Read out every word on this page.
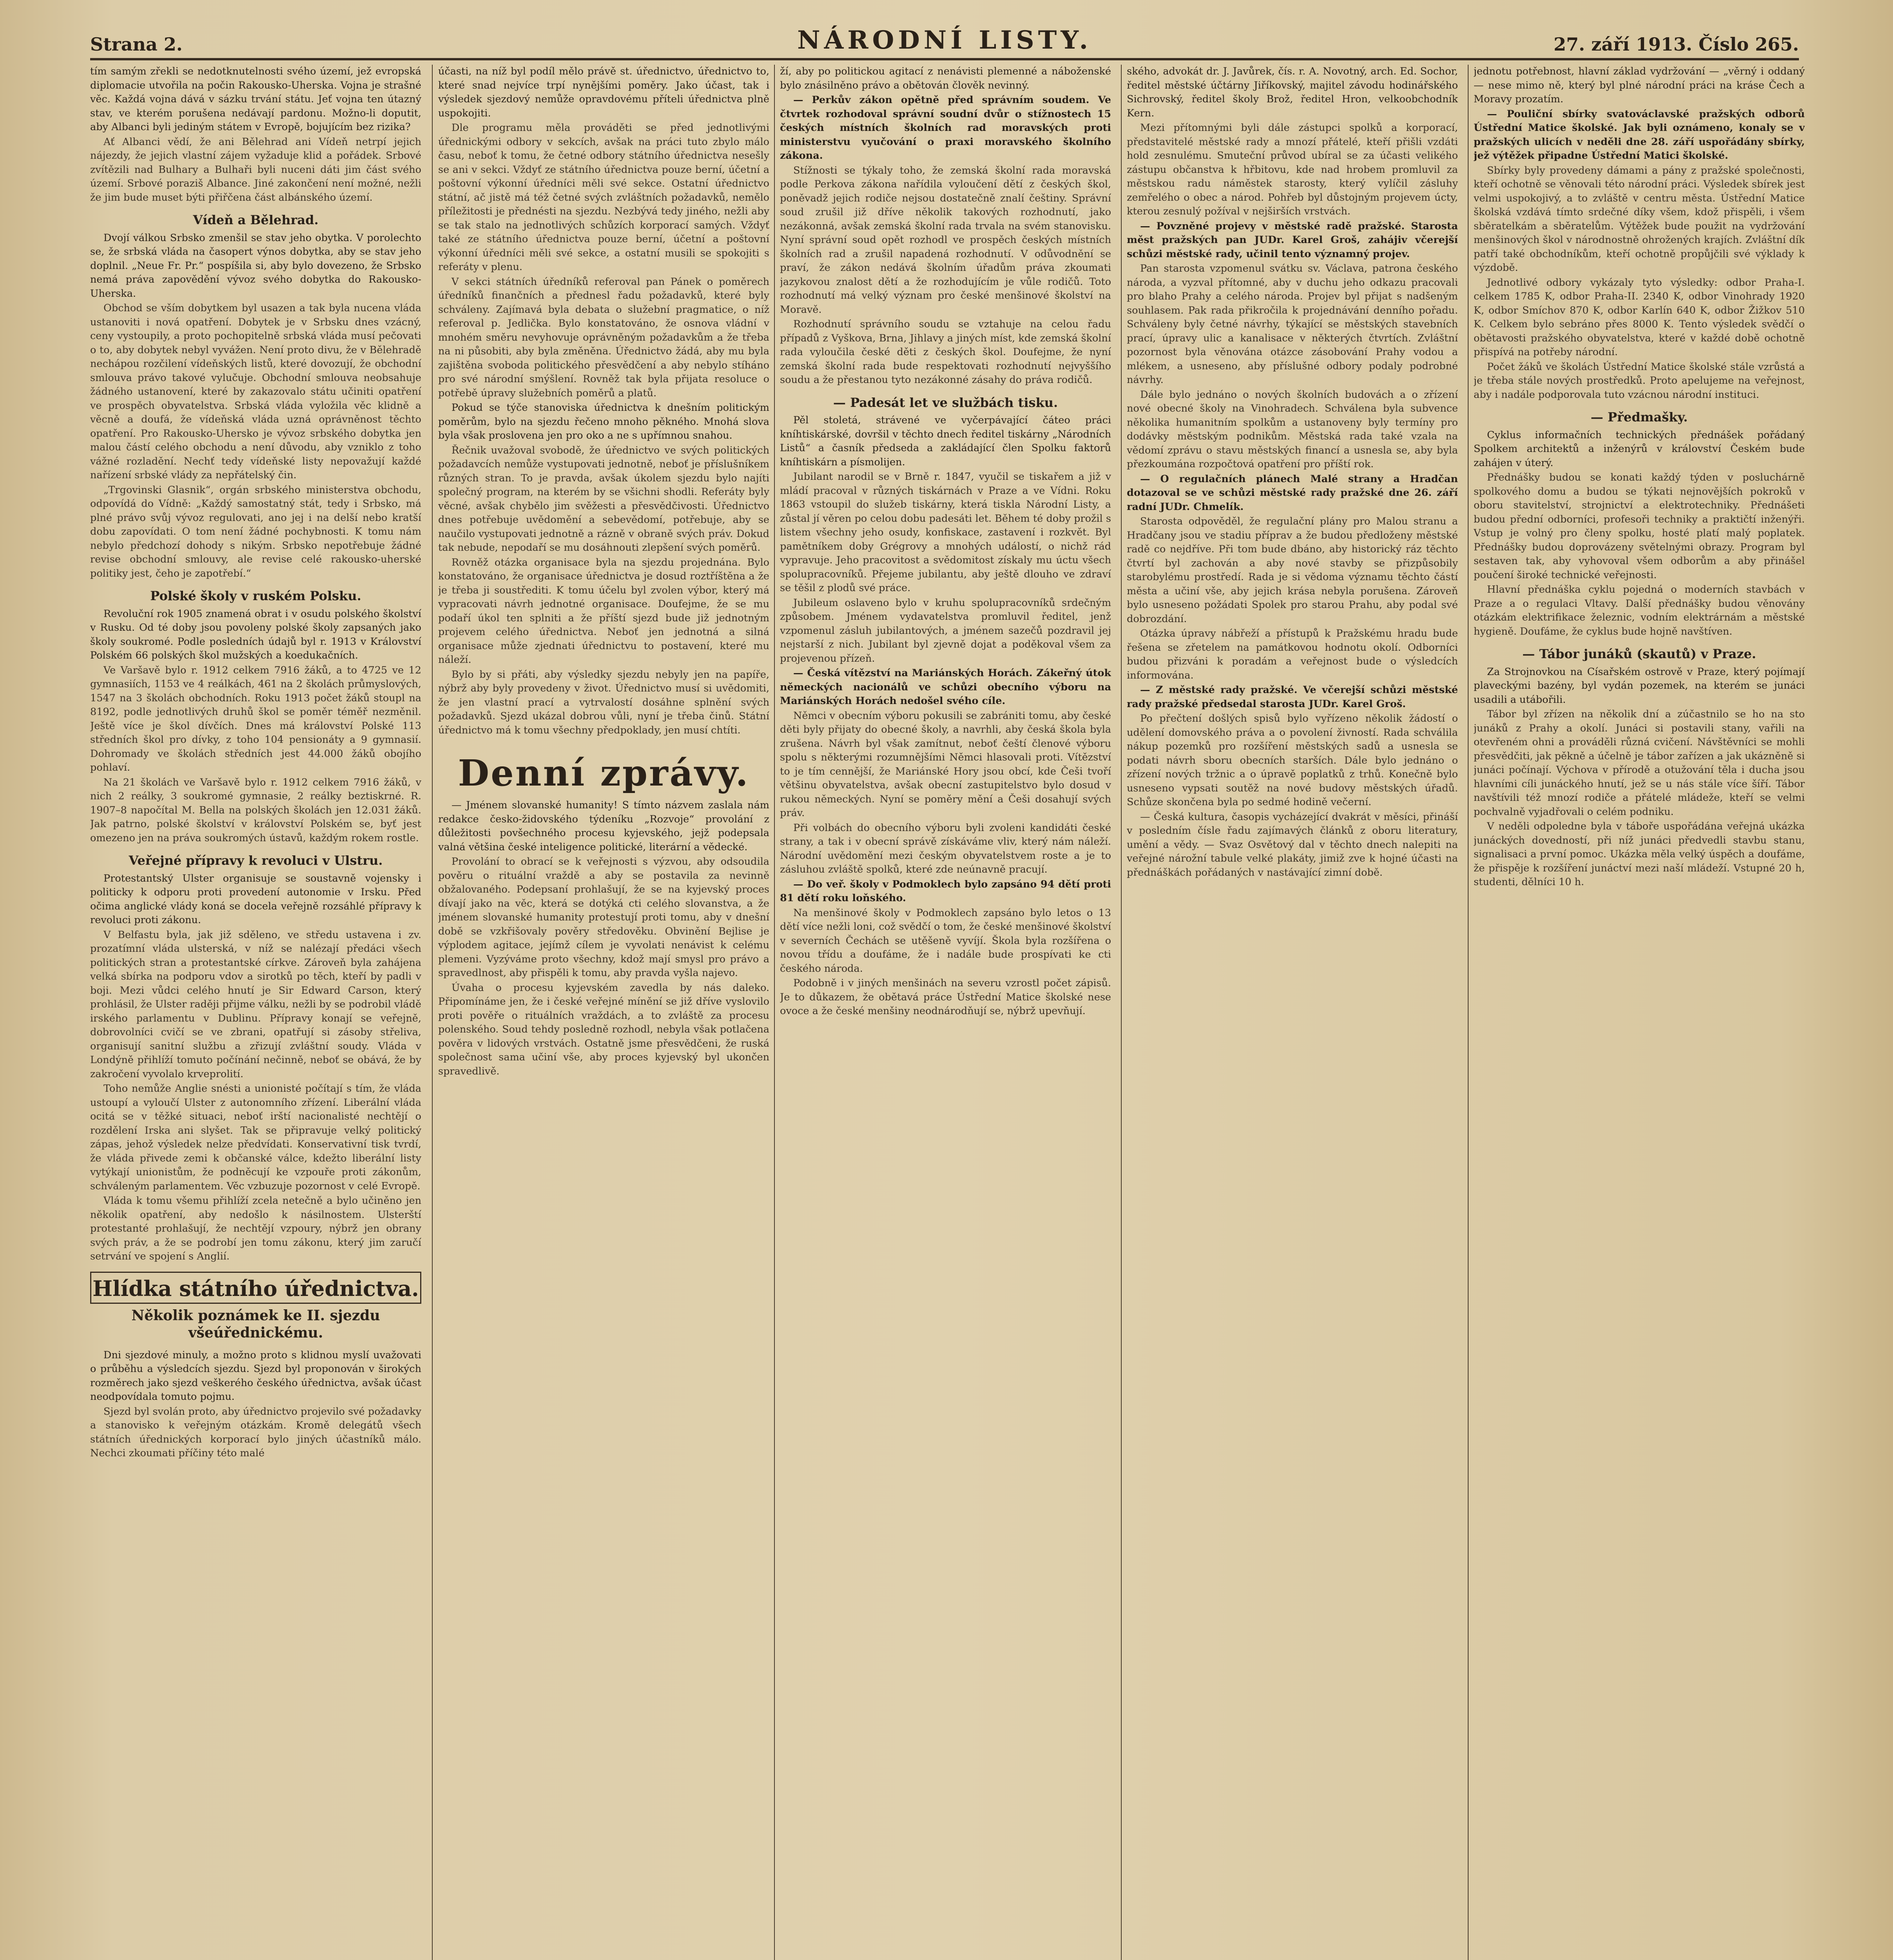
Strana 2.	NÁRODNÍ LISTY.	27. září 1913. Číslo 265.

tím samým zřekli se nedotknutelnosti svého území, jež evropská diplomacie utvořila na počin Rakousko-Uherska. Vojna je strašné věc. Každá vojna dává v sázku trvání státu. Jeť vojna ten útazný stav, ve kterém porušena nedávají pardonu. Možno-li doputit, aby Albanci byli jediným státem v Evropě, bojujícím bez rizika?

Ať Albanci vědí, že ani Bělehrad ani Vídeň netrpí jejich nájezdy, že jejich vlastní zájem vyžaduje klid a pořádek. Srbové zvítězili nad Bulhary a Bulhaři byli nuceni dáti jim část svého území. Srbové poraziš Albance. Jiné zakončení není možné, nežli že jim bude muset býti přiřčena část albánského území.

Vídeň a Bělehrad.

Dvojí válkou Srbsko zmenšil se stav jeho obytka. V porolechto se, že srbská vláda na časopert výnos dobytka, aby se stav jeho doplnil. „Neue Fr. Pr.“ pospíšila si, aby bylo dovezeno, že Srbsko nemá práva zapovědění vývoz svého dobytka do Rakousko-Uherska.

Obchod se vším dobytkem byl usazen a tak byla nucena vláda ustanoviti i nová opatření. Dobytek je v Srbsku dnes vzácný, ceny vystoupily, a proto pochopitelně srbská vláda musí pečovati o to, aby dobytek nebyl vyvážen. Není proto divu, že v Bělehradě nechápou rozčilení vídeňských listů, které dovozují, že obchodní smlouva právo takové vylučuje. Obchodní smlouva neobsahuje žádného ustanovení, které by zakazovalo státu učiniti opatření ve prospěch obyvatelstva. Srbská vláda vyložila věc klidně a věcně a doufá, že vídeňská vláda uzná oprávněnost těchto opatření. Pro Rakousko-Uhersko je vývoz srbského dobytka jen malou částí celého obchodu a není důvodu, aby vzniklo z toho vážné rozladění. Nechť tedy vídeňské listy nepovažují každé nařízení srbské vlády za nepřátelský čin.

„Trgovinski Glasnik“, orgán srbského ministerstva obchodu, odpovídá do Vídně: „Každý samostatný stát, tedy i Srbsko, má plné právo svůj vývoz regulovati, ano jej i na delší nebo kratší dobu zapovídati. O tom není žádné pochybnosti. K tomu nám nebylo předchozí dohody s nikým. Srbsko nepotřebuje žádné revise obchodní smlouvy, ale revise celé rakousko-uherské politiky jest, čeho je zapotřebí.“

Polské školy v ruském Polsku.

Revoluční rok 1905 znamená obrat i v osudu polského školství v Rusku. Od té doby jsou povoleny polské školy zapsaných jako školy soukromé. Podle posledních údajů byl r. 1913 v Království Polském 66 polských škol mužských a koedukačních.

Ve Varšavě bylo r. 1912 celkem 7916 žáků, a to 4725 ve 12 gymnasiích, 1153 ve 4 reálkách, 461 na 2 školách průmyslových, 1547 na 3 školách obchodních. Roku 1913 počet žáků stoupl na 8192, podle jednotlivých druhů škol se poměr téměř nezměnil. Ještě více je škol dívčích. Dnes má království Polské 113 středních škol pro dívky, z toho 104 pensionáty a 9 gymnasií. Dohromady ve školách středních jest 44.000 žáků obojího pohlaví.

Na 21 školách ve Varšavě bylo r. 1912 celkem 7916 žáků, v nich 2 reálky, 3 soukromé gymnasie, 2 reálky beztiskrné. R. 1907–8 napočítal M. Bella na polských školách jen 12.031 žáků. Jak patrno, polské školství v království Polském se, byť jest omezeno jen na práva soukromých ústavů, každým rokem rostle.

Veřejné přípravy k revoluci v Ulstru.

Protestantský Ulster organisuje se soustavně vojensky i politicky k odporu proti provedení autonomie v Irsku. Před očima anglické vlády koná se docela veřejně rozsáhlé přípravy k revoluci proti zákonu.

V Belfastu byla, jak již sděleno, ve středu ustavena i zv. prozatímní vláda ulsterská, v níž se nalézají předáci všech politických stran a protestantské církve. Zároveň byla zahájena velká sbírka na podporu vdov a sirotků po těch, kteří by padli v boji. Mezi vůdci celého hnutí je Sir Edward Carson, který prohlásil, že Ulster raději přijme válku, nežli by se podrobil vládě irského parlamentu v Dublinu. Přípravy konají se veřejně, dobrovolníci cvičí se ve zbrani, opatřují si zásoby střeliva, organisují sanitní službu a zřizují zvláštní soudy. Vláda v Londýně přihlíží tomuto počínání nečinně, neboť se obává, že by zakročení vyvolalo krveprolití.

Toho nemůže Anglie snésti a unionisté počítají s tím, že vláda ustoupí a vyloučí Ulster z autonomního zřízení. Liberální vláda ocitá se v těžké situaci, neboť irští nacionalisté nechtějí o rozdělení Irska ani slyšet. Tak se připravuje velký politický zápas, jehož výsledek nelze předvídati. Konservativní tisk tvrdí, že vláda přivede zemi k občanské válce, kdežto liberální listy vytýkají unionistům, že podněcují ke vzpouře proti zákonům, schváleným parlamentem. Věc vzbuzuje pozornost v celé Evropě.

Vláda k tomu všemu přihlíží zcela netečně a bylo učiněno jen několik opatření, aby nedošlo k násilnostem. Ulsterští protestanté prohlašují, že nechtějí vzpoury, nýbrž jen obrany svých práv, a že se podrobí jen tomu zákonu, který jim zaručí setrvání ve spojení s Anglií.

Hlídka státního úřednictva.
Několik poznámek ke II. sjezdu všeúřednickému.

Dni sjezdové minuly, a možno proto s klidnou myslí uvažovati o průběhu a výsledcích sjezdu. Sjezd byl proponován v širokých rozměrech jako sjezd veškerého českého úřednictva, avšak účast neodpovídala tomuto pojmu.

Sjezd byl svolán proto, aby úřednictvo projevilo své požadavky a stanovisko k veřejným otázkám. Kromě delegátů všech státních úřednických korporací bylo jiných účastníků málo. Nechci zkoumati příčiny této malé

účasti, na níž byl podíl mělo právě st. úřednictvo, úřednictvo to, které snad nejvíce trpí nynějšími poměry. Jako účast, tak i výsledek sjezdový nemůže opravdovému příteli úřednictva plně uspokojiti.

Dle programu měla prováděti se před jednotlivými úřednickými odbory v sekcích, avšak na práci tuto zbylo málo času, neboť k tomu, že četné odbory státního úřednictva nesešly se ani v sekci. Vždyť ze státního úřednictva pouze berní, účetní a poštovní výkonní úředníci měli své sekce. Ostatní úřednictvo státní, ač jistě má též četné svých zvláštních požadavků, nemělo příležitosti je přednésti na sjezdu. Nezbývá tedy jiného, nežli aby se tak stalo na jednotlivých schůzích korporací samých. Vždyť také ze státního úřednictva pouze berní, účetní a poštovní výkonní úředníci měli své sekce, a ostatní musili se spokojiti s referáty v plenu.

V sekci státních úředníků referoval pan Pánek o poměrech úředníků finančních a přednesl řadu požadavků, které byly schváleny. Zajímavá byla debata o služební pragmatice, o níž referoval p. Jedlička. Bylo konstatováno, že osnova vládní v mnohém směru nevyhovuje oprávněným požadavkům a že třeba na ni působiti, aby byla změněna. Úřednictvo žádá, aby mu byla zajištěna svoboda politického přesvědčení a aby nebylo stíháno pro své národní smýšlení. Rovněž tak byla přijata resoluce o potřebě úpravy služebních poměrů a platů.

Pokud se týče stanoviska úřednictva k dnešním politickým poměrům, bylo na sjezdu řečeno mnoho pěkného. Mnohá slova byla však proslovena jen pro oko a ne s upřímnou snahou.

Řečnik uvažoval svobodě, že úřednictvo ve svých politických požadavcích nemůže vystupovati jednotně, neboť je příslušníkem různých stran. To je pravda, avšak úkolem sjezdu bylo najíti společný program, na kterém by se všichni shodli. Referáty byly věcné, avšak chybělo jim svěžesti a přesvědčivosti. Úřednictvo dnes potřebuje uvědomění a sebevědomí, potřebuje, aby se naučilo vystupovati jednotně a rázně v obraně svých práv. Dokud tak nebude, nepodaří se mu dosáhnouti zlepšení svých poměrů.

Rovněž otázka organisace byla na sjezdu projednána. Bylo konstatováno, že organisace úřednictva je dosud roztříštěna a že je třeba ji soustřediti. K tomu účelu byl zvolen výbor, který má vypracovati návrh jednotné organisace. Doufejme, že se mu podaří úkol ten splniti a že příští sjezd bude již jednotným projevem celého úřednictva. Neboť jen jednotná a silná organisace může zjednati úřednictvu to postavení, které mu náleží.

Bylo by si přáti, aby výsledky sjezdu nebyly jen na papíře, nýbrž aby byly provedeny v život. Úřednictvo musí si uvědomiti, že jen vlastní prací a vytrvalostí dosáhne splnění svých požadavků. Sjezd ukázal dobrou vůli, nyní je třeba činů. Státní úřednictvo má k tomu všechny předpoklady, jen musí chtíti.

Denní zprávy.

— Jménem slovanské humanity! S tímto názvem zaslala nám redakce česko-židovského týdeníku „Rozvoje“ provolání z důležitosti povšechného procesu kyjevského, jejž podepsala valná většina české inteligence politické, literární a vědecké.

Provolání to obrací se k veřejnosti s výzvou, aby odsoudila pověru o rituální vraždě a aby se postavila za nevinně obžalovaného. Podepsaní prohlašují, že se na kyjevský proces dívají jako na věc, která se dotýká cti celého slovanstva, a že jménem slovanské humanity protestují proti tomu, aby v dnešní době se vzkřišovaly pověry středověku. Obvinění Bejlise je výplodem agitace, jejímž cílem je vyvolati nenávist k celému plemeni. Vyzýváme proto všechny, kdož mají smysl pro právo a spravedlnost, aby přispěli k tomu, aby pravda vyšla najevo.

Úvaha o procesu kyjevském zavedla by nás daleko. Připomínáme jen, že i české veřejné mínění se již dříve vyslovilo proti pověře o rituálních vraždách, a to zvláště za procesu polenského. Soud tehdy posledně rozhodl, nebyla však potlačena pověra v lidových vrstvách. Ostatně jsme přesvědčeni, že ruská společnost sama učiní vše, aby proces kyjevský byl ukončen spravedlivě.

ží, aby po politickou agitací z nenávisti plemenné a náboženské bylo znásilněno právo a obětován člověk nevinný.

— Perkův zákon opětně před správním soudem. Ve čtvrtek rozhodoval správní soudní dvůr o stížnostech 15 českých místních školních rad moravských proti ministerstvu vyučování o praxi moravského školního zákona.

Stížnosti se týkaly toho, že zemská školní rada moravská podle Perkova zákona nařídila vyloučení dětí z českých škol, poněvadž jejich rodiče nejsou dostatečně znalí češtiny. Správní soud zrušil již dříve několik takových rozhodnutí, jako nezákonná, avšak zemská školní rada trvala na svém stanovisku. Nyní správní soud opět rozhodl ve prospěch českých místních školních rad a zrušil napadená rozhodnutí. V odůvodnění se praví, že zákon nedává školním úřadům práva zkoumati jazykovou znalost dětí a že rozhodujícím je vůle rodičů. Toto rozhodnutí má velký význam pro české menšinové školství na Moravě.

Rozhodnutí správního soudu se vztahuje na celou řadu případů z Vyškova, Brna, Jihlavy a jiných míst, kde zemská školní rada vyloučila české děti z českých škol. Doufejme, že nyní zemská školní rada bude respektovati rozhodnutí nejvyššího soudu a že přestanou tyto nezákonné zásahy do práva rodičů.

— Padesát let ve službách tisku.

Pěl stoletá, strávené ve vyčerpávající čáteo práci kníhtiskárské, dovršil v těchto dnech ředitel tiskárny „Národních Listů“ a časník předseda a zakládající člen Spolku faktorů kníhtiskárn a písmolijen.

Jubilant narodil se v Brně r. 1847, vyučil se tiskařem a již v mládí pracoval v různých tiskárnách v Praze a ve Vídni. Roku 1863 vstoupil do služeb tiskárny, která tiskla Národní Listy, a zůstal jí věren po celou dobu padesáti let. Během té doby prožil s listem všechny jeho osudy, konfiskace, zastavení i rozkvět. Byl pamětníkem doby Grégrovy a mnohých událostí, o nichž rád vypravuje. Jeho pracovitost a svědomitost získaly mu úctu všech spolupracovníků. Přejeme jubilantu, aby ještě dlouho ve zdraví se těšil z plodů své práce.

Jubileum oslaveno bylo v kruhu spolupracovníků srdečným způsobem. Jménem vydavatelstva promluvil ředitel, jenž vzpomenul zásluh jubilantových, a jménem sazečů pozdravil jej nejstarší z nich. Jubilant byl zjevně dojat a poděkoval všem za projevenou přízeň.

— Česká vítězství na Mariánských Horách. Zákeřný útok německých nacionálů ve schůzi obecního výboru na Mariánských Horách nedošel svého cíle.

Němci v obecním výboru pokusili se zabrániti tomu, aby české děti byly přijaty do obecné školy, a navrhli, aby česká škola byla zrušena. Návrh byl však zamítnut, neboť čeští členové výboru spolu s některými rozumnějšími Němci hlasovali proti. Vítězství to je tím cennější, že Mariánské Hory jsou obcí, kde Češi tvoří většinu obyvatelstva, avšak obecní zastupitelstvo bylo dosud v rukou německých. Nyní se poměry mění a Češi dosahují svých práv.

Při volbách do obecního výboru byli zvoleni kandidáti české strany, a tak i v obecní správě získáváme vliv, který nám náleží. Národní uvědomění mezi českým obyvatelstvem roste a je to zásluhou zvláště spolků, které zde neúnavně pracují.

— Do veř. školy v Podmoklech bylo zapsáno 94 dětí proti 81 dětí roku loňského.

Na menšinové školy v Podmoklech zapsáno bylo letos o 13 dětí více nežli loni, což svědčí o tom, že české menšinové školství v severních Čechách se utěšeně vyvíjí. Škola byla rozšířena o novou třídu a doufáme, že i nadále bude prospívati ke cti českého národa.

Podobně i v jiných menšinách na severu vzrostl počet zápisů. Je to důkazem, že obětavá práce Ústřední Matice školské nese ovoce a že české menšiny neodnárodňují se, nýbrž upevňují.

ského, advokát dr. J. Javůrek, čís. r. A. Novotný, arch. Ed. Sochor, ředitel městské účtárny Jiříkovský, majitel závodu hodinářského Sichrovský, ředitel školy Brož, ředitel Hron, velkoobchodník Kern.

Mezi přítomnými byli dále zástupci spolků a korporací, představitelé městské rady a mnozí přátelé, kteří přišli vzdáti hold zesnulému. Smuteční průvod ubíral se za účasti velikého zástupu občanstva k hřbitovu, kde nad hrobem promluvil za městskou radu náměstek starosty, který vylíčil zásluhy zemřelého o obec a národ. Pohřeb byl důstojným projevem úcty, kterou zesnulý požíval v nejširších vrstvách.

— Povzněné projevy v městské radě pražské. Starosta měst pražských pan JUDr. Karel Groš, zahájiv včerejší schůzi městské rady, učinil tento významný projev.

Pan starosta vzpomenul svátku sv. Václava, patrona českého národa, a vyzval přítomné, aby v duchu jeho odkazu pracovali pro blaho Prahy a celého národa. Projev byl přijat s nadšeným souhlasem. Pak rada přikročila k projednávání denního pořadu. Schváleny byly četné návrhy, týkající se městských stavebních prací, úpravy ulic a kanalisace v některých čtvrtích. Zvláštní pozornost byla věnována otázce zásobování Prahy vodou a mlékem, a usneseno, aby příslušné odbory podaly podrobné návrhy.

Dále bylo jednáno o nových školních budovách a o zřízení nové obecné školy na Vinohradech. Schválena byla subvence několika humanitním spolkům a ustanoveny byly termíny pro dodávky městským podnikům. Městská rada také vzala na vědomí zprávu o stavu městských financí a usnesla se, aby byla přezkoumána rozpočtová opatření pro příští rok.

— O regulačních plánech Malé strany a Hradčan dotazoval se ve schůzi městské rady pražské dne 26. září radní JUDr. Chmelík.

Starosta odpověděl, že regulační plány pro Malou stranu a Hradčany jsou ve stadiu příprav a že budou předloženy městské radě co nejdříve. Při tom bude dbáno, aby historický ráz těchto čtvrtí byl zachován a aby nové stavby se přizpůsobily starobylému prostředí. Rada je si vědoma významu těchto částí města a učiní vše, aby jejich krása nebyla porušena. Zároveň bylo usneseno požádati Spolek pro starou Prahu, aby podal své dobrozdání.

Otázka úpravy nábřeží a přístupů k Pražskému hradu bude řešena se zřetelem na památkovou hodnotu okolí. Odborníci budou přizváni k poradám a veřejnost bude o výsledcích informována.

— Z městské rady pražské. Ve včerejší schůzi městské rady pražské předsedal starosta JUDr. Karel Groš.

Po přečtení došlých spisů bylo vyřízeno několik žádostí o udělení domovského práva a o povolení živností. Rada schválila nákup pozemků pro rozšíření městských sadů a usnesla se podati návrh sboru obecních starších. Dále bylo jednáno o zřízení nových tržnic a o úpravě poplatků z trhů. Konečně bylo usneseno vypsati soutěž na nové budovy městských úřadů. Schůze skončena byla po sedmé hodině večerní.

— Česká kultura, časopis vycházející dvakrát v měsíci, přináší v posledním čísle řadu zajímavých článků z oboru literatury, umění a vědy. — Svaz Osvětový dal v těchto dnech nalepiti na veřejné nárožní tabule velké plakáty, jimiž zve k hojné účasti na přednáškách pořádaných v nastávající zimní době.

jednotu potřebnost, hlavní základ vydržování — „věrný i oddaný — nese mimo ně, který byl plné národní práci na kráse Čech a Moravy prozatím.

— Pouliční sbírky svatováclavské pražských odborů Ústřední Matice školské. Jak byli oznámeno, konaly se v pražských ulicích v neděli dne 28. září uspořádány sbírky, jež výtěžek připadne Ústřední Matici školské.

Sbírky byly provedeny dámami a pány z pražské společnosti, kteří ochotně se věnovali této národní práci. Výsledek sbírek jest velmi uspokojivý, a to zvláště v centru města. Ústřední Matice školská vzdává tímto srdečné díky všem, kdož přispěli, i všem sběratelkám a sběratelům. Výtěžek bude použit na vydržování menšinových škol v národnostně ohrožených krajích. Zvláštní dík patří také obchodníkům, kteří ochotně propůjčili své výklady k výzdobě.

Jednotlivé odbory vykázaly tyto výsledky: odbor Praha-I. celkem 1785 K, odbor Praha-II. 2340 K, odbor Vinohrady 1920 K, odbor Smíchov 870 K, odbor Karlín 640 K, odbor Žižkov 510 K. Celkem bylo sebráno přes 8000 K. Tento výsledek svědčí o obětavosti pražského obyvatelstva, které v každé době ochotně přispívá na potřeby národní.

Počet žáků ve školách Ústřední Matice školské stále vzrůstá a je třeba stále nových prostředků. Proto apelujeme na veřejnost, aby i nadále podporovala tuto vzácnou národní instituci.

— Předmašky.

Cyklus informačních technických přednášek pořádaný Spolkem architektů a inženýrů v království Českém bude zahájen v úterý.

Přednášky budou se konati každý týden v posluchárně spolkového domu a budou se týkati nejnovějších pokroků v oboru stavitelství, strojnictví a elektrotechniky. Přednášeti budou přední odborníci, profesoři techniky a praktičtí inženýři. Vstup je volný pro členy spolku, hosté platí malý poplatek. Přednášky budou doprovázeny světelnými obrazy. Program byl sestaven tak, aby vyhovoval všem odborům a aby přinášel poučení široké technické veřejnosti.

Hlavní přednáška cyklu pojedná o moderních stavbách v Praze a o regulaci Vltavy. Další přednášky budou věnovány otázkám elektrifikace železnic, vodním elektrárnám a městské hygieně. Doufáme, že cyklus bude hojně navštíven.

— Tábor junáků (skautů) v Praze.

Za Strojnovkou na Císařském ostrově v Praze, který pojímají plaveckými bazény, byl vydán pozemek, na kterém se junáci usadili a utábořili.

Tábor byl zřízen na několik dní a zúčastnilo se ho na sto junáků z Prahy a okolí. Junáci si postavili stany, vařili na otevřeném ohni a prováděli různá cvičení. Návštěvníci se mohli přesvědčiti, jak pěkně a účelně je tábor zařízen a jak ukázněně si junáci počínají. Výchova v přírodě a otužování těla i ducha jsou hlavními cíli junáckého hnutí, jež se u nás stále více šíří. Tábor navštívili též mnozí rodiče a přátelé mládeže, kteří se velmi pochvalně vyjadřovali o celém podniku.

V neděli odpoledne byla v táboře uspořádána veřejná ukázka junáckých dovedností, při níž junáci předvedli stavbu stanu, signalisaci a první pomoc. Ukázka měla velký úspěch a doufáme, že přispěje k rozšíření junáctví mezi naší mládeží. Vstupné 20 h, studenti, dělníci 10 h.
